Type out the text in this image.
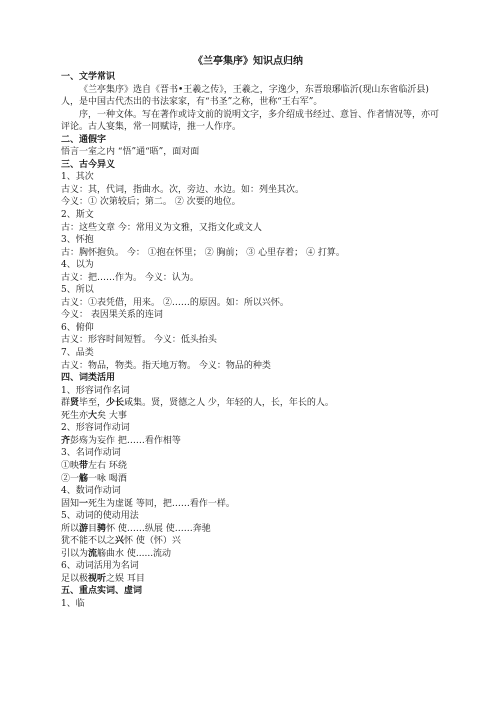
《兰亭集序》知识点归纳

一、文学常识

《兰亭集序》选自《晋书•王羲之传》，王羲之，字逸少，东晋琅琊临沂(现山东省临沂县)人，是中国古代杰出的书法家家，有“书圣”之称，世称“王右军”。

序，一种文体。写在著作或诗文前的说明文字，多介绍成书经过、意旨、作者情况等，亦可评论。古人宴集，常一同赋诗，推一人作序。

二、通假字

悟言一室之内 “悟”通“晤”，面对面

三、古今异义

1、其次

古义：其，代词，指曲水。次，旁边、水边。如：列坐其次。

今义：① 次第较后；第二。 ② 次要的地位。

2、斯文

古：这些文章 今：常用义为文雅，又指文化或文人

3、怀抱

古：胸怀抱负。 今： ①抱在怀里； ② 胸前； ③ 心里存着； ④ 打算。

4、以为

古义：把……作为。 今义：认为。

5、所以

古义：①表凭借，用来。 ②……的原因。如：所以兴怀。

今义： 表因果关系的连词

6、俯仰

古义：形容时间短暂。 今义：低头抬头

7、品类

古义：物品，物类。指天地万物。 今义：物品的种类

四、词类活用

1、形容词作名词

群贤毕至，少长咸集。贤，贤德之人 少，年轻的人，长，年长的人。

死生亦大矣 大事

2、形容词作动词

齐彭殇为妄作 把……看作相等

3、名词作动词

①映带左右 环绕

②一觞一咏 喝酒

4、数词作动词

固知一死生为虚诞 等同，把……看作一样。

5、动词的使动用法

所以游目骋怀 使……纵展 使……奔驰

犹不能不以之兴怀 使（怀）兴

引以为流觞曲水 使......流动

6、动词活用为名词

足以极视听之娱 耳目

五、重点实词、虚词

1、临
